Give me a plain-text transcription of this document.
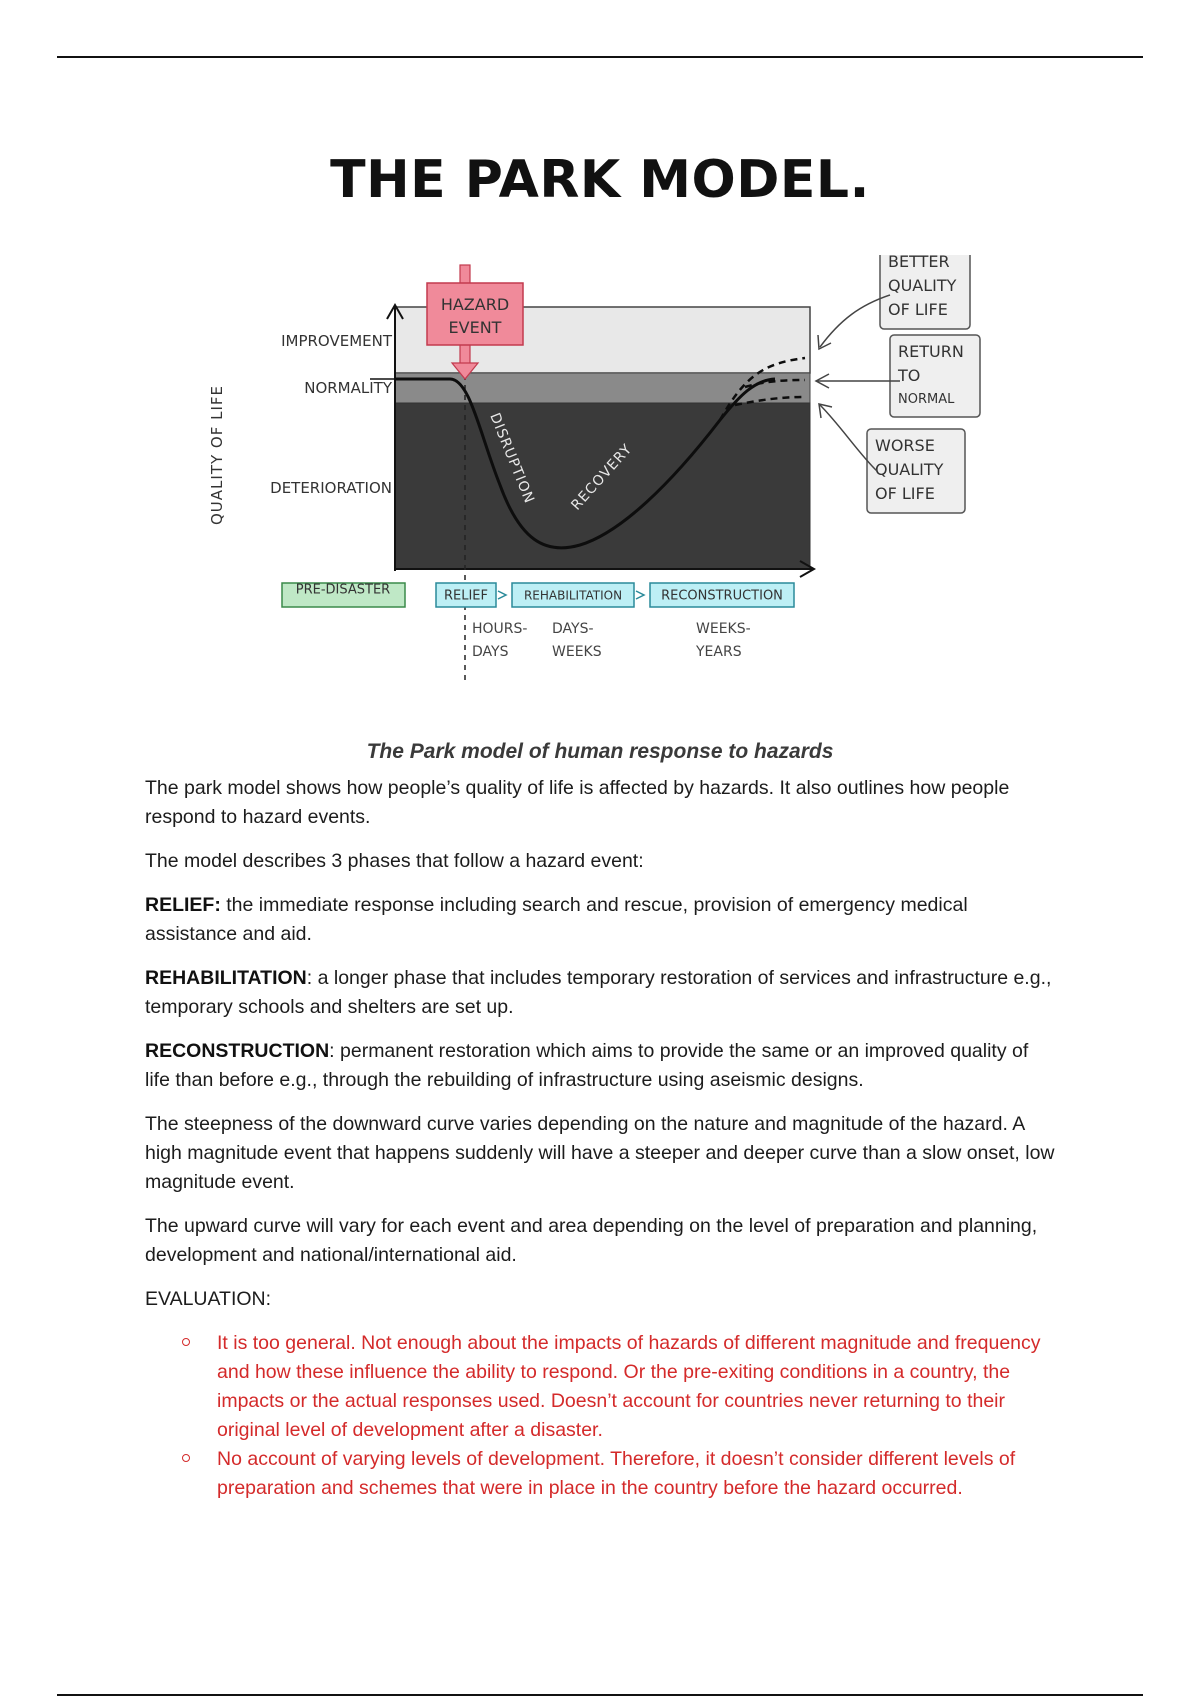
THE PARK MODEL.
QUALITY OF LIFE
IMPROVEMENT
NORMALITY
DETERIORATION
HAZARD
EVENT
DISRUPTION RECOVERY
BETTER
QUALITY
OF LIFE
RETURN
TO
NORMAL
WORSE
QUALITY
OF LIFE
PRE-DISASTER	RELIEF	REHABILITATION	RECONSTRUCTION
HOURS-
DAYS
DAYS-
WEEKS
WEEKS-
YEARS
The Park model of human response to hazards

The park model shows how people’s quality of life is affected by hazards. It also outlines how people respond to hazard events.

The model describes 3 phases that follow a hazard event:

RELIEF: the immediate response including search and rescue, provision of emergency medical assistance and aid.

REHABILITATION: a longer phase that includes temporary restoration of services and infrastructure e.g., temporary schools and shelters are set up.

RECONSTRUCTION: permanent restoration which aims to provide the same or an improved quality of life than before e.g., through the rebuilding of infrastructure using aseismic designs.

The steepness of the downward curve varies depending on the nature and magnitude of the hazard. A high magnitude event that happens suddenly will have a steeper and deeper curve than a slow onset, low magnitude event.

The upward curve will vary for each event and area depending on the level of preparation and planning, development and national/international aid.

EVALUATION:

It is too general. Not enough about the impacts of hazards of different magnitude and frequency and how these influence the ability to respond. Or the pre-exiting conditions in a country, the impacts or the actual responses used. Doesn’t account for countries never returning to their original level of development after a disaster.
No account of varying levels of development. Therefore, it doesn’t consider different levels of preparation and schemes that were in place in the country before the hazard occurred.
